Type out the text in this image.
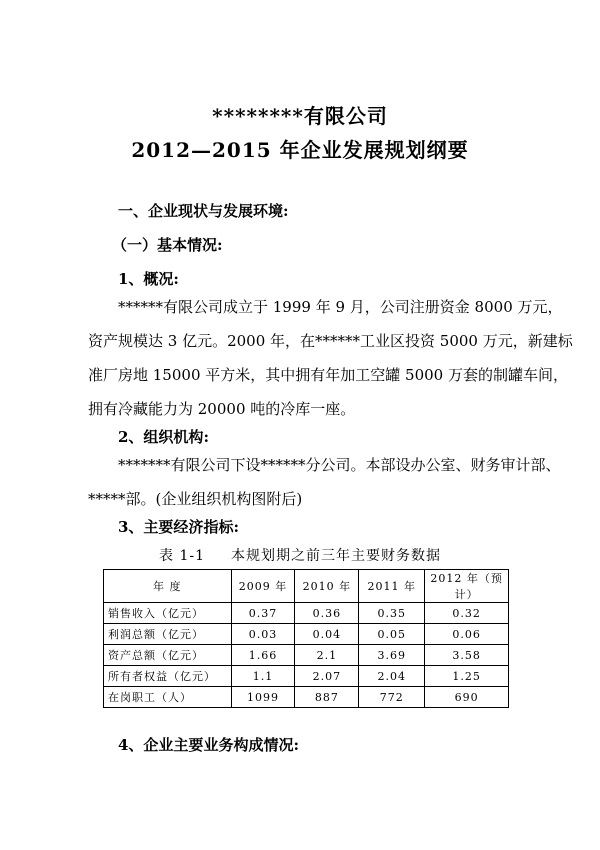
********有限公司
2012—2015 年企业发展规划纲要
一、企业现状与发展环境:
（一）基本情况:
1、概况:
******有限公司成立于 1999 年 9 月，公司注册资金 8000 万元，
资产规模达 3 亿元。2000 年，在******工业区投资 5000 万元，新建标
准厂房地 15000 平方米，其中拥有年加工空罐 5000 万套的制罐车间，
拥有冷藏能力为 20000 吨的冷库一座。
2、组织机构:
*******有限公司下设******分公司。本部设办公室、财务审计部、
*****部。(企业组织机构图附后)
3、主要经济指标:
表 1-1 本规划期之前三年主要财务数据
年 度	2009 年	2010 年	2011 年	2012 年（预计）
销售收入（亿元）	0.37	0.36	0.35	0.32
利润总额（亿元）	0.03	0.04	0.05	0.06
资产总额（亿元）	1.66	2.1	3.69	3.58
所有者权益（亿元）	1.1	2.07	2.04	1.25
在岗职工（人）	1099	887	772	690
4、企业主要业务构成情况:
